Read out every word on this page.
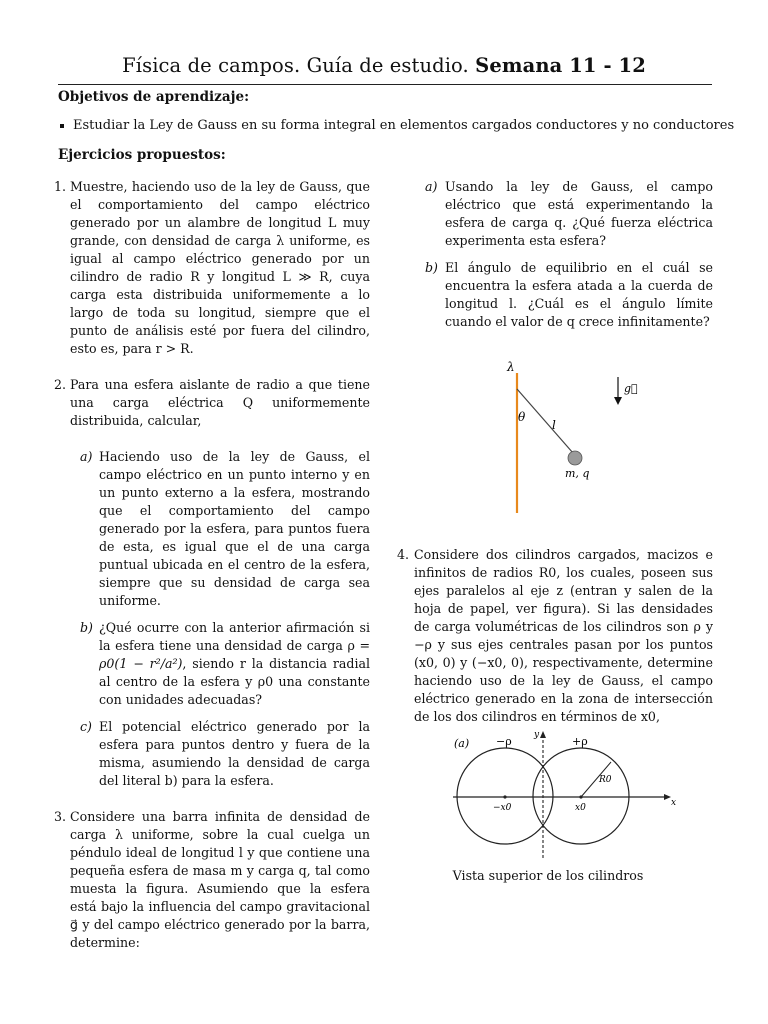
Física de campos. Guía de estudio. Semana 11 - 12
Objetivos de aprendizaje:
Estudiar la Ley de Gauss en su forma integral en elementos cargados conductores y no conductores
Ejercicios propuestos:
1. Muestre, haciendo uso de la ley de Gauss, que el comportamiento del campo eléctrico generado por un alambre de longitud L muy grande, con densidad de carga λ uniforme, es igual al campo eléctrico generado por un cilindro de radio R y longitud L ≫ R, cuya carga esta distribuida uniformemente a lo largo de toda su longitud, siempre que el punto de análisis esté por fuera del cilindro, esto es, para r > R.
2. Para una esfera aislante de radio a que tiene una carga eléctrica Q uniformemente distribuida, calcular,
a) Haciendo uso de la ley de Gauss, el campo eléctrico en un punto interno y en un punto externo a la esfera, mostrando que el comportamiento del campo generado por la esfera, para puntos fuera de esta, es igual que el de una carga puntual ubicada en el centro de la esfera, siempre que su densidad de carga sea uniforme.
b) ¿Qué ocurre con la anterior afirmación si la esfera tiene una densidad de carga ρ = ρ0(1 − r²/a²), siendo r la distancia radial al centro de la esfera y ρ0 una constante con unidades adecuadas?
c) El potencial eléctrico generado por la esfera para puntos dentro y fuera de la misma, asumiendo la densidad de carga del literal b) para la esfera.
3. Considere una barra infinita de densidad de carga λ uniforme, sobre la cual cuelga un péndulo ideal de longitud l y que contiene una pequeña esfera de masa m y carga q, tal como muesta la figura. Asumiendo que la esfera está bajo la influencia del campo gravitacional g⃗ y del campo eléctrico generado por la barra, determine:
a) Usando la ley de Gauss, el campo eléctrico que está experimentando la esfera de carga q. ¿Qué fuerza eléctrica experimenta esta esfera?
b) El ángulo de equilibrio en el cuál se encuentra la esfera atada a la cuerda de longitud l. ¿Cuál es el ángulo límite cuando el valor de q crece infinitamente?
λ
θ
l
m, q
g⃗
4. Considere dos cilindros cargados, macizos e infinitos de radios R0, los cuales, poseen sus ejes paralelos al eje z (entran y salen de la hoja de papel, ver figura). Si las densidades de carga volumétricas de los cilindros son ρ y −ρ y sus ejes centrales pasan por los puntos (x0, 0) y (−x0, 0), respectivamente, determine haciendo uso de la ley de Gauss, el campo eléctrico generado en la zona de intersección de los dos cilindros en términos de x0,
(a) −ρ	+ρ
x
y
−x0	x0
R0
Vista superior de los cilindros
